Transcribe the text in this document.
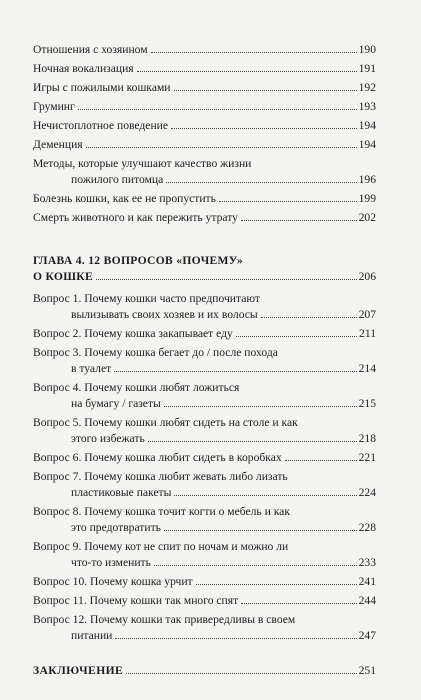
Отношения с хозяином	190
Ночная вокализация	191
Игры с пожилыми кошками	192
Груминг	193
Нечистоплотное поведение	194
Деменция	194
Методы, которые улучшают качество жизни
пожилого питомца	196
Болезнь кошки, как ее не пропустить	199
Смерть животного и как пережить утрату	202
ГЛАВА 4. 12 ВОПРОСОВ «ПОЧЕМУ»
О КОШКЕ	206
Вопрос 1. Почему кошки часто предпочитают
вылизывать своих хозяев и их волосы	207
Вопрос 2. Почему кошка закапывает еду	211
Вопрос 3. Почему кошка бегает до / после похода
в туалет	214
Вопрос 4. Почему кошки любят ложиться
на бумагу / газеты	215
Вопрос 5. Почему кошки любят сидеть на столе и как
этого избежать	218
Вопрос 6. Почему кошка любит сидеть в коробках	221
Вопрос 7. Почему кошка любит жевать либо лизать
пластиковые пакеты	224
Вопрос 8. Почему кошка точит когти о мебель и как
это предотвратить	228
Вопрос 9. Почему кот не спит по ночам и можно ли
что-то изменить	233
Вопрос 10. Почему кошка урчит	241
Вопрос 11. Почему кошки так много спят	244
Вопрос 12. Почему кошки так привередливы в своем
питании	247
ЗАКЛЮЧЕНИЕ	251
